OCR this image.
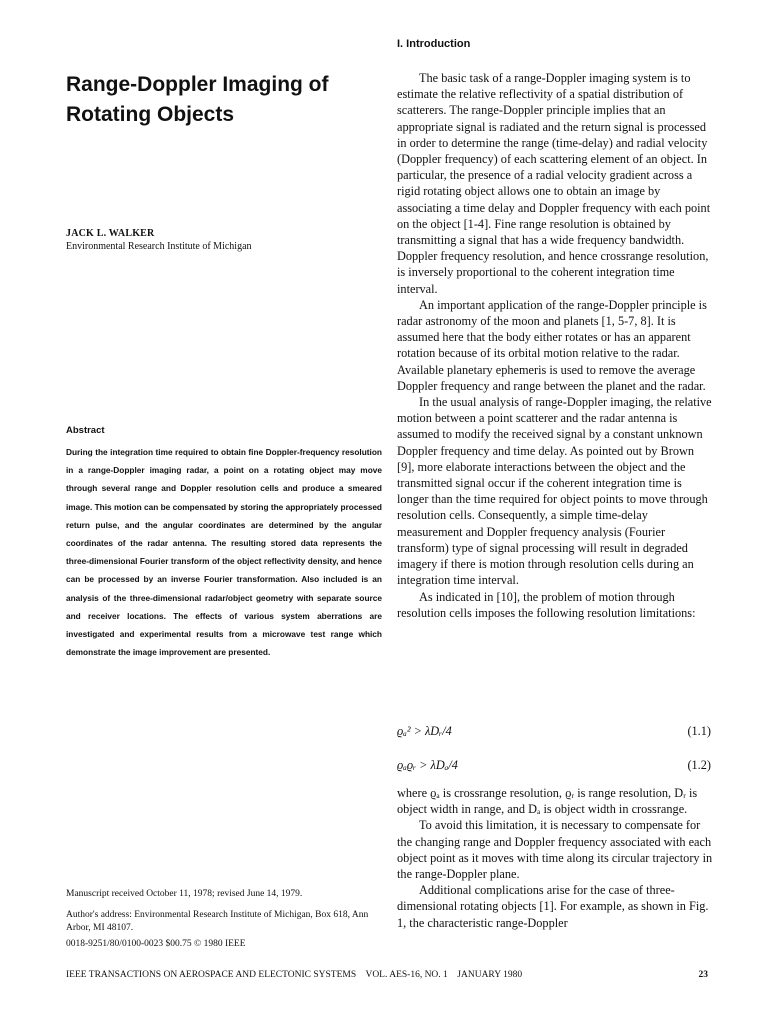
Range-Doppler Imaging of Rotating Objects
JACK L. WALKER
Environmental Research Institute of Michigan
Abstract

During the integration time required to obtain fine Doppler-frequency resolution in a range-Doppler imaging radar, a point on a rotating object may move through several range and Doppler resolution cells and produce a smeared image. This motion can be compensated by storing the appropriately processed return pulse, and the angular coordinates are determined by the angular coordinates of the radar antenna. The resulting stored data represents the three-dimensional Fourier transform of the object reflectivity density, and hence can be processed by an inverse Fourier transformation. Also included is an analysis of the three-dimensional radar/object geometry with separate source and receiver locations. The effects of various system aberrations are investigated and experimental results from a microwave test range which demonstrate the image improvement are presented.

Manuscript received October 11, 1978; revised June 14, 1979.

Author's address: Environmental Research Institute of Michigan, Box 618, Ann Arbor, MI 48107.

0018-9251/80/0100-0023 $00.75 © 1980 IEEE

I. Introduction

The basic task of a range-Doppler imaging system is to estimate the relative reflectivity of a spatial distribution of scatterers. The range-Doppler principle implies that an appropriate signal is radiated and the return signal is processed in order to determine the range (time-delay) and radial velocity (Doppler frequency) of each scattering element of an object. In particular, the presence of a radial velocity gradient across a rigid rotating object allows one to obtain an image by associating a time delay and Doppler frequency with each point on the object [1-4]. Fine range resolution is obtained by transmitting a signal that has a wide frequency bandwidth. Doppler frequency resolution, and hence crossrange resolution, is inversely proportional to the coherent integration time interval.

An important application of the range-Doppler principle is radar astronomy of the moon and planets [1, 5-7, 8]. It is assumed here that the body either rotates or has an apparent rotation because of its orbital motion relative to the radar. Available planetary ephemeris is used to remove the average Doppler frequency and range between the planet and the radar.

In the usual analysis of range-Doppler imaging, the relative motion between a point scatterer and the radar antenna is assumed to modify the received signal by a constant unknown Doppler frequency and time delay. As pointed out by Brown [9], more elaborate interactions between the object and the transmitted signal occur if the coherent integration time is longer than the time required for object points to move through resolution cells. Consequently, a simple time-delay measurement and Doppler frequency analysis (Fourier transform) type of signal processing will result in degraded imagery if there is motion through resolution cells during an integration time interval.

As indicated in [10], the problem of motion through resolution cells imposes the following resolution limitations:

ϱₐ² > λDᵣ/4	(1.1)
ϱₐϱᵣ > λDₐ/4	(1.2)

where ϱₐ is crossrange resolution, ϱᵣ is range resolution, Dᵣ is object width in range, and Dₐ is object width in crossrange.

To avoid this limitation, it is necessary to compensate for the changing range and Doppler frequency associated with each object point as it moves with time along its circular trajectory in the range-Doppler plane.

Additional complications arise for the case of three-dimensional rotating objects [1]. For example, as shown in Fig. 1, the characteristic range-Doppler

IEEE TRANSACTIONS ON AEROSPACE AND ELECTONIC SYSTEMS    VOL. AES-16, NO. 1    JANUARY 1980	23
